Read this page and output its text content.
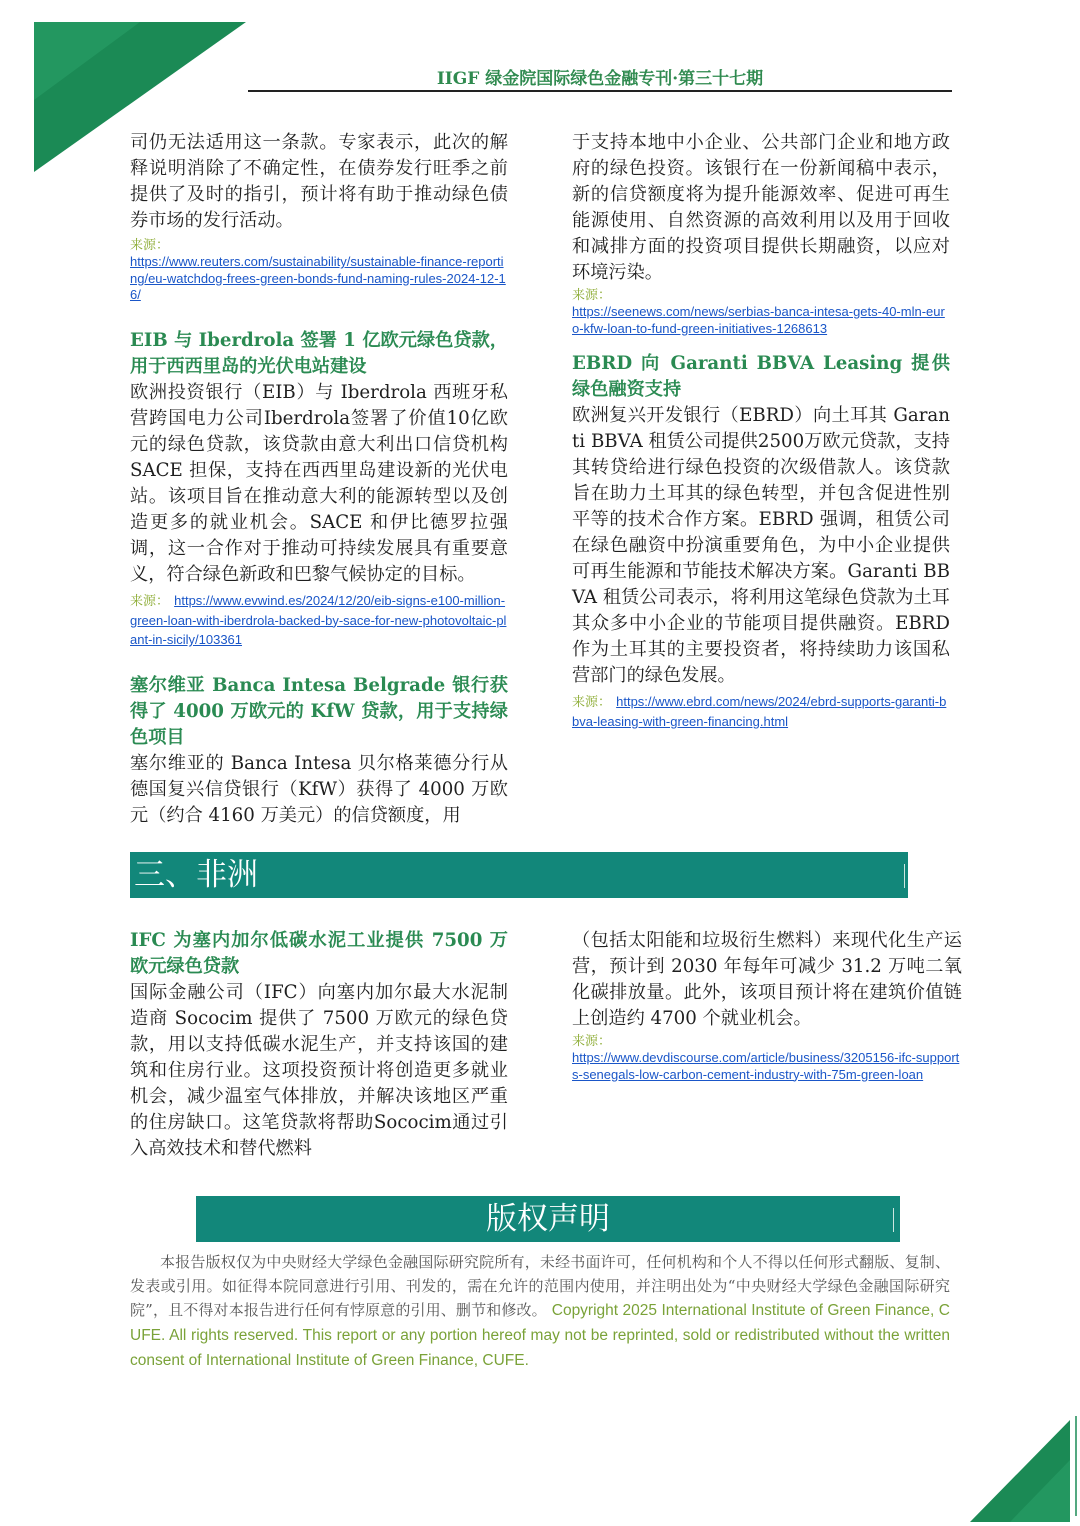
IIGF 绿金院国际绿色金融专刊·第三十七期

司仍无法适用这一条款。专家表示，此次的解释说明消除了不确定性，在债券发行旺季之前提供了及时的指引，预计将有助于推动绿色债券市场的发行活动。

来源：
https://www.reuters.com/sustainability/sustainable-finance-reporting/eu-watchdog-frees-green-bonds-fund-naming-rules-2024-12-16/

EIB 与 Iberdrola 签署 1 亿欧元绿色贷款，用于西西里岛的光伏电站建设

欧洲投资银行（EIB）与 Iberdrola 西班牙私营跨国电力公司Iberdrola签署了价值10亿欧元的绿色贷款，该贷款由意大利出口信贷机构 SACE 担保，支持在西西里岛建设新的光伏电站。该项目旨在推动意大利的能源转型以及创造更多的就业机会。SACE 和伊比德罗拉强调，这一合作对于推动可持续发展具有重要意义，符合绿色新政和巴黎气候协定的目标。

来源： https://www.evwind.es/2024/12/20/eib-signs-e100-million-green-loan-with-iberdrola-backed-by-sace-for-new-photovoltaic-plant-in-sicily/103361

塞尔维亚 Banca Intesa Belgrade 银行获得了 4000 万欧元的 KfW 贷款，用于支持绿色项目

塞尔维亚的 Banca Intesa 贝尔格莱德分行从德国复兴信贷银行（KfW）获得了 4000 万欧元（约合 4160 万美元）的信贷额度，用

于支持本地中小企业、公共部门企业和地方政府的绿色投资。该银行在一份新闻稿中表示，新的信贷额度将为提升能源效率、促进可再生能源使用、自然资源的高效利用以及用于回收和减排方面的投资项目提供长期融资，以应对环境污染。

来源：
https://seenews.com/news/serbias-banca-intesa-gets-40-mln-euro-kfw-loan-to-fund-green-initiatives-1268613

EBRD 向 Garanti BBVA Leasing 提供绿色融资支持

欧洲复兴开发银行（EBRD）向土耳其 Garanti BBVA 租赁公司提供2500万欧元贷款，支持其转贷给进行绿色投资的次级借款人。该贷款旨在助力土耳其的绿色转型，并包含促进性别平等的技术合作方案。EBRD 强调，租赁公司在绿色融资中扮演重要角色，为中小企业提供可再生能源和节能技术解决方案。Garanti BBVA 租赁公司表示，将利用这笔绿色贷款为土耳其众多中小企业的节能项目提供融资。EBRD 作为土耳其的主要投资者，将持续助力该国私营部门的绿色发展。

来源： https://www.ebrd.com/news/2024/ebrd-supports-garanti-bbva-leasing-with-green-financing.html
三、非洲

IFC 为塞内加尔低碳水泥工业提供 7500 万欧元绿色贷款

国际金融公司（IFC）向塞内加尔最大水泥制造商 Sococim 提供了 7500 万欧元的绿色贷款，用以支持低碳水泥生产，并支持该国的建筑和住房行业。这项投资预计将创造更多就业机会，减少温室气体排放，并解决该地区严重的住房缺口。这笔贷款将帮助Sococim通过引入高效技术和替代燃料

（包括太阳能和垃圾衍生燃料）来现代化生产运营，预计到 2030 年每年可减少 31.2 万吨二氧化碳排放量。此外，该项目预计将在建筑价值链上创造约 4700 个就业机会。

来源：
https://www.devdiscourse.com/article/business/3205156-ifc-supports-senegals-low-carbon-cement-industry-with-75m-green-loan
版权声明

本报告版权仅为中央财经大学绿色金融国际研究院所有，未经书面许可，任何机构和个人不得以任何形式翻版、复制、发表或引用。如征得本院同意进行引用、刊发的，需在允许的范围内使用，并注明出处为“中央财经大学绿色金融国际研究院”，且不得对本报告进行任何有悖原意的引用、删节和修改。 Copyright 2025 International Institute of Green Finance, CUFE. All rights reserved. This report or any portion hereof may not be reprinted, sold or redistributed without the written consent of International Institute of Green Finance, CUFE.
